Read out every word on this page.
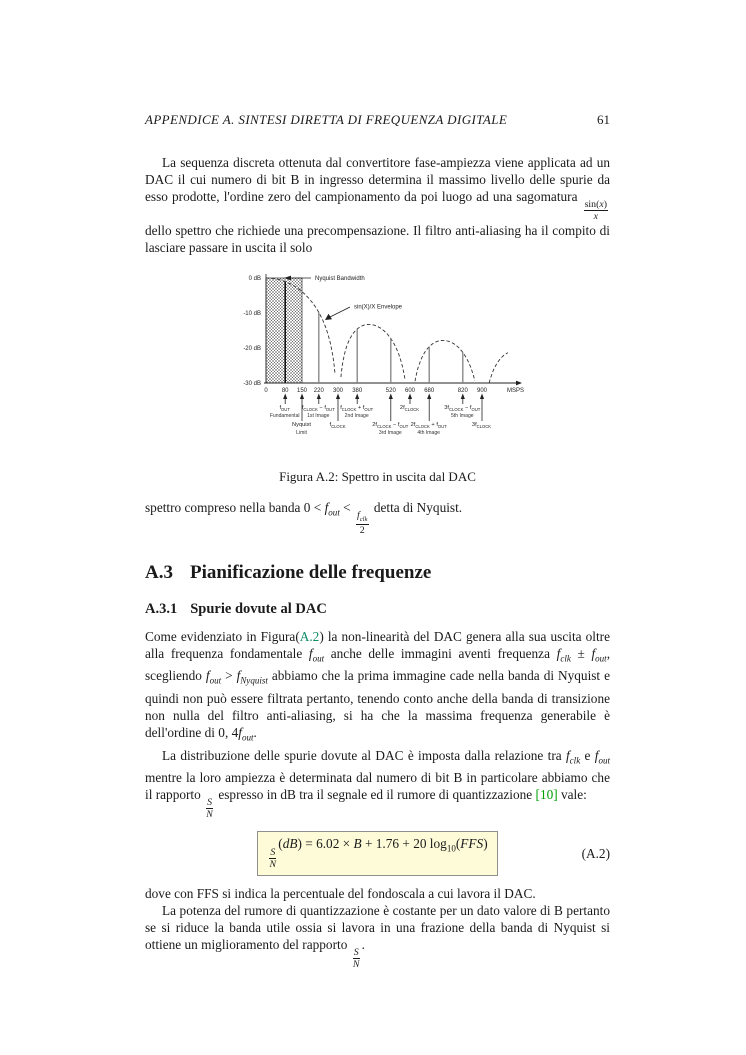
APPENDICE A. SINTESI DIRETTA DI FREQUENZA DIGITALE	61

La sequenza discreta ottenuta dal convertitore fase-ampiezza viene applicata ad un DAC il cui numero di bit B in ingresso determina il massimo livello delle spurie da esso prodotte, l'ordine zero del campionamento da poi luogo ad una sagomatura
$\frac{\sin(x)}{x}$
dello spettro che richiede una precompensazione. Il filtro anti-aliasing ha il compito di lasciare passare in uscita il solo

0 dB
-10 dB
-20 dB
-30 dB
0 80 150 220 300 380	520 600 680	820 900	MSPS
Nyquist Bandwidth
sin(X)/X Envelope
$f_{OUT}$
Fundamental
Nyquist
Limit
$f_{CLOCK} - f_{OUT}$
1st Image
$f_{CLOCK}$
$f_{CLOCK} + f_{OUT}$
2nd Image
$2f_{CLOCK} - f_{OUT}$
3rd Image
$2f_{CLOCK}$
$2f_{CLOCK} + f_{OUT}$
4th Image
$3f_{CLOCK} - f_{OUT}$
5th Image
$3f_{CLOCK}$
Figura A.2: Spettro in uscita dal DAC

spettro compreso nella banda $0 < f_{out}$ <
$\frac{f_{clk}}{2}$
detta di Nyquist.

A.3 Pianificazione delle frequenze
A.3.1 Spurie dovute al DAC

Come evidenziato in Figura(A.2) la non-linearità del DAC genera alla sua uscita oltre alla frequenza fondamentale $f_{out}$ anche delle immagini aventi frequenza $f_{clk} \pm f_{out}$, scegliendo $f_{out} > f_{Nyquist}$ abbiamo che la prima immagine cade nella banda di Nyquist e quindi non può essere filtrata pertanto, tenendo conto anche della banda di transizione non nulla del filtro anti-aliasing, si ha che la massima frequenza generabile è dell'ordine di 0, $4f_{out}$.

La distribuzione delle spurie dovute al DAC è imposta dalla relazione tra $f_{clk}$ e $f_{out}$ mentre la loro ampiezza è determinata dal numero di bit B in particolare abbiamo che il rapporto
$\frac{S}{N}$
espresso in dB tra il segnale ed il rumore di quantizzazione [10] vale:

$\frac{S}{N}$
(dB) = 6.02 × B + 1.76 + 20 $\log_{10}(FFS)$
(A.2)

dove con FFS si indica la percentuale del fondoscala a cui lavora il DAC.

La potenza del rumore di quantizzazione è costante per un dato valore di B pertanto se si riduce la banda utile ossia si lavora in una frazione della banda di Nyquist si ottiene un miglioramento del rapporto
$\frac{S}{N}$
.
